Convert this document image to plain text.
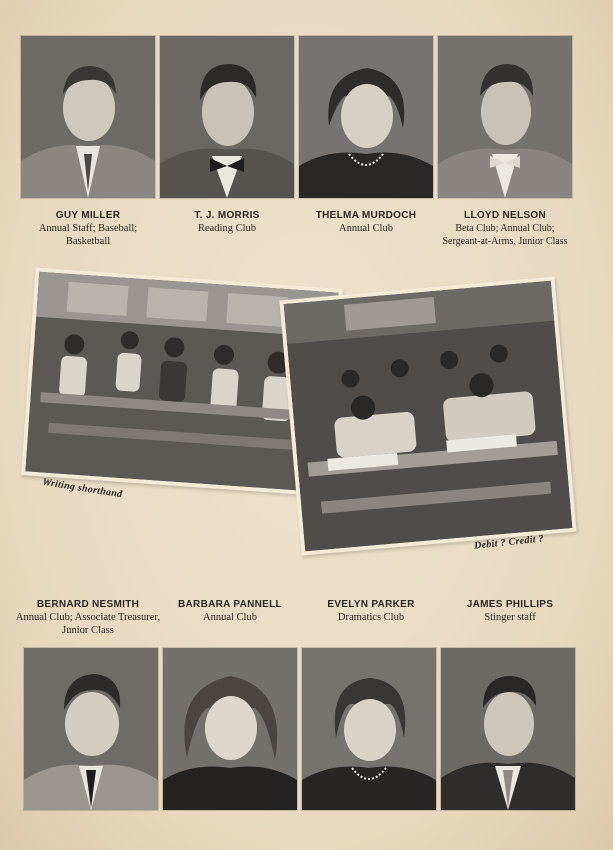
GUY MILLER
Annual Staff; Baseball; Basketball
T. J. MORRIS
Reading Club
THELMA MURDOCH
Annual Club
LLOYD NELSON
Beta Club; Annual Club; Sergeant-at-Arms, Junior Class
Writing shorthand
Debit ? Credit ?
BERNARD NESMITH
Annual Club; Associate Treasurer, Junior Class
BARBARA PANNELL
Annual Club
EVELYN PARKER
Dramatics Club
JAMES PHILLIPS
Stinger staff
